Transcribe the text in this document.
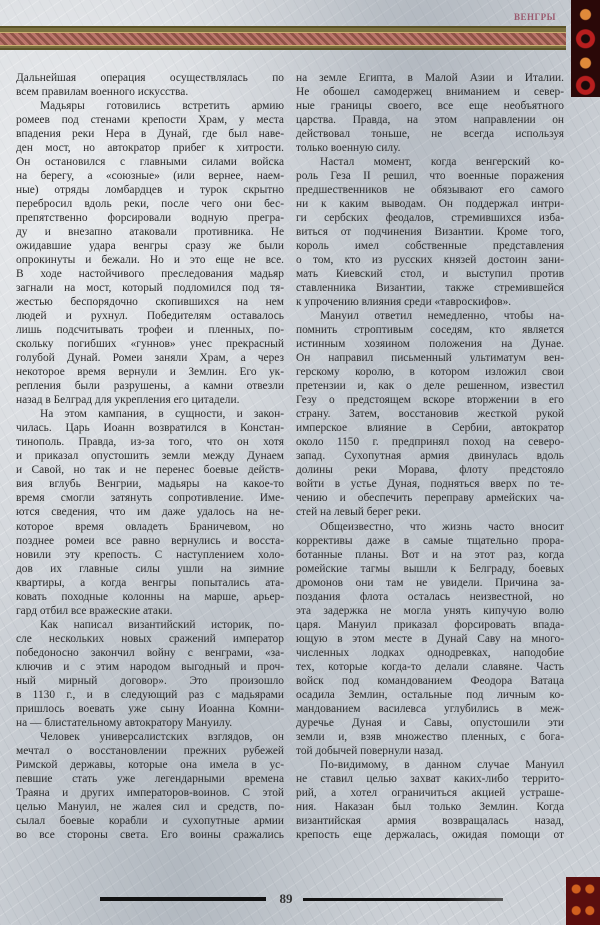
ВЕНГРЫ
Дальнейшая операция осуществлялась по
всем правилам военного искусства.
Мадьяры готовились встретить армию
ромеев под стенами крепости Храм, у места
впадения реки Нера в Дунай, где был наве-
ден мост, но автократор прибег к хитрости.
Он остановился с главными силами войска
на берегу, а «союзные» (или вернее, наем-
ные) отряды ломбардцев и турок скрытно
перебросил вдоль реки, после чего они бес-
препятственно форсировали водную прегра-
ду и внезапно атаковали противника. Не
ожидавшие удара венгры сразу же были
опрокинуты и бежали. Но и это еще не все.
В ходе настойчивого преследования мадьяр
загнали на мост, который подломился под тя-
жестью беспорядочно скопившихся на нем
людей и рухнул. Победителям оставалось
лишь подсчитывать трофеи и пленных, по-
скольку погибших «гуннов» унес прекрасный
голубой Дунай. Ромеи заняли Храм, а через
некоторое время вернули и Землин. Его ук-
репления были разрушены, а камни отвезли
назад в Белград для укрепления его цитадели.
На этом кампания, в сущности, и закон-
чилась. Царь Иоанн возвратился в Констан-
тинополь. Правда, из-за того, что он хотя
и приказал опустошить земли между Дунаем
и Савой, но так и не перенес боевые действ-
вия вглубь Венгрии, мадьяры на какое-то
время смогли затянуть сопротивление. Име-
ются сведения, что им даже удалось на не-
которое время овладеть Браничевом, но
позднее ромеи все равно вернулись и восста-
новили эту крепость. С наступлением холо-
дов их главные силы ушли на зимние
квартиры, а когда венгры попытались ата-
ковать походные колонны на марше, арьер-
гард отбил все вражеские атаки.
Как написал византийский историк, по-
сле нескольких новых сражений император
победоносно закончил войну с венграми, «за-
ключив и с этим народом выгодный и проч-
ный мирный договор». Это произошло
в 1130 г., и в следующий раз с мадьярами
пришлось воевать уже сыну Иоанна Комни-
на — блистательному автократору Мануилу.
Человек универсалистских взглядов, он
мечтал о восстановлении прежних рубежей
Римской державы, которые она имела в ус-
певшие стать уже легендарными времена
Траяна и других императоров-воинов. С этой
целью Мануил, не жалея сил и средств, по-
сылал боевые корабли и сухопутные армии
во все стороны света. Его воины сражались
на земле Египта, в Малой Азии и Италии.
Не обошел самодержец вниманием и север-
ные границы своего, все еще необъятного
царства. Правда, на этом направлении он
действовал тоньше, не всегда используя
только военную силу.
Настал момент, когда венгерский ко-
роль Геза II решил, что военные поражения
предшественников не обязывают его самого
ни к каким выводам. Он поддержал интри-
ги сербских феодалов, стремившихся изба-
виться от подчинения Византии. Кроме того,
король имел собственные представления
о том, кто из русских князей достоин зани-
мать Киевский стол, и выступил против
ставленника Византии, также стремившейся
к упрочению влияния среди «тавроскифов».
Мануил ответил немедленно, чтобы на-
помнить строптивым соседям, кто является
истинным хозяином положения на Дунае.
Он направил письменный ультиматум вен-
герскому королю, в котором изложил свои
претензии и, как о деле решенном, известил
Гезу о предстоящем вскоре вторжении в его
страну. Затем, восстановив жесткой рукой
имперское влияние в Сербии, автократор
около 1150 г. предпринял поход на северо-
запад. Сухопутная армия двинулась вдоль
долины реки Морава, флоту предстояло
войти в устье Дуная, подняться вверх по те-
чению и обеспечить переправу армейских ча-
стей на левый берег реки.
Общеизвестно, что жизнь часто вносит
коррективы даже в самые тщательно прора-
ботанные планы. Вот и на этот раз, когда
ромейские тагмы вышли к Белграду, боевых
дромонов они там не увидели. Причина за-
поздания флота осталась неизвестной, но
эта задержка не могла унять кипучую волю
царя. Мануил приказал форсировать впада-
ющую в этом месте в Дунай Саву на много-
численных лодках однодревках, наподобие
тех, которые когда-то делали славяне. Часть
войск под командованием Феодора Ватаца
осадила Землин, остальные под личным ко-
мандованием василевса углубились в меж-
дуречье Дуная и Савы, опустошили эти
земли и, взяв множество пленных, с бога-
той добычей повернули назад.
По-видимому, в данном случае Мануил
не ставил целью захват каких-либо террито-
рий, а хотел ограничиться акцией устраше-
ния. Наказан был только Землин. Когда
византийская армия возвращалась назад,
крепость еще держалась, ожидая помощи от
89
